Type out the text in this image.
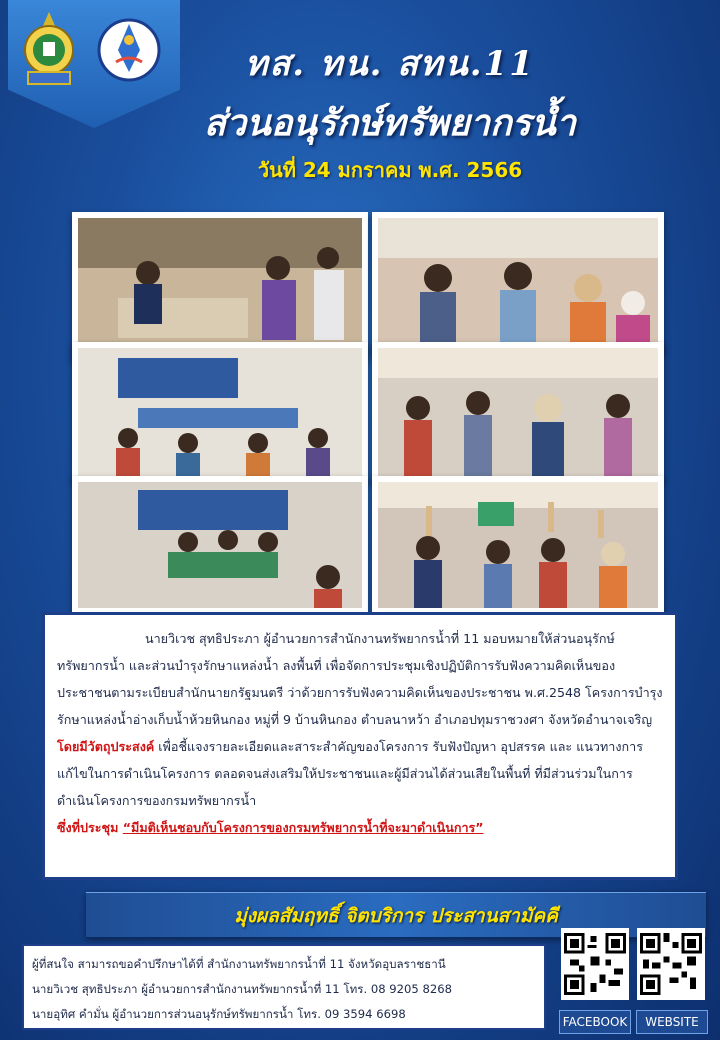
ทส. ทน. สทน.11
ส่วนอนุรักษ์ทรัพยากรน้ำ
วันที่ 24 มกราคม พ.ศ. 2566

นายวิเวช สุทธิประภา ผู้อำนวยการสำนักงานทรัพยากรน้ำที่ 11 มอบหมายให้ส่วนอนุรักษ์ทรัพยากรน้ำ และส่วนบำรุงรักษาแหล่งน้ำ ลงพื้นที่ เพื่อจัดการประชุมเชิงปฏิบัติการรับฟังความคิดเห็นของประชาชนตามระเบียบสำนักนายกรัฐมนตรี ว่าด้วยการรับฟังความคิดเห็นของประชาชน พ.ศ.2548 โครงการบำรุงรักษาแหล่งน้ำอ่างเก็บน้ำห้วยหินกอง หมู่ที่ 9 บ้านหินกอง ตำบลนาหว้า อำเภอปทุมราชวงศา จังหวัดอำนาจเจริญ

โดยมีวัตถุประสงค์ เพื่อชี้แจงรายละเอียดและสาระสำคัญของโครงการ รับฟังปัญหา อุปสรรค และ แนวทางการแก้ไขในการดำเนินโครงการ ตลอดจนส่งเสริมให้ประชาชนและผู้มีส่วนได้ส่วนเสียในพื้นที่ ที่มีส่วนร่วมในการดำเนินโครงการของกรมทรัพยากรน้ำ

ซึ่งที่ประชุม “มีมติเห็นชอบกับโครงการของกรมทรัพยากรน้ำที่จะมาดำเนินการ”

มุ่งผลสัมฤทธิ์ จิตบริการ ประสานสามัคคี
ผู้ที่สนใจ สามารถขอคำปรึกษาได้ที่ สำนักงานทรัพยากรน้ำที่ 11 จังหวัดอุบลราชธานี
นายวิเวช สุทธิประภา ผู้อำนวยการสำนักงานทรัพยากรน้ำที่ 11 โทร. 08 9205 8268
นายอุทิศ คำมั่น ผู้อำนวยการส่วนอนุรักษ์ทรัพยากรน้ำ โทร. 09 3594 6698
FACEBOOK	WEBSITE
